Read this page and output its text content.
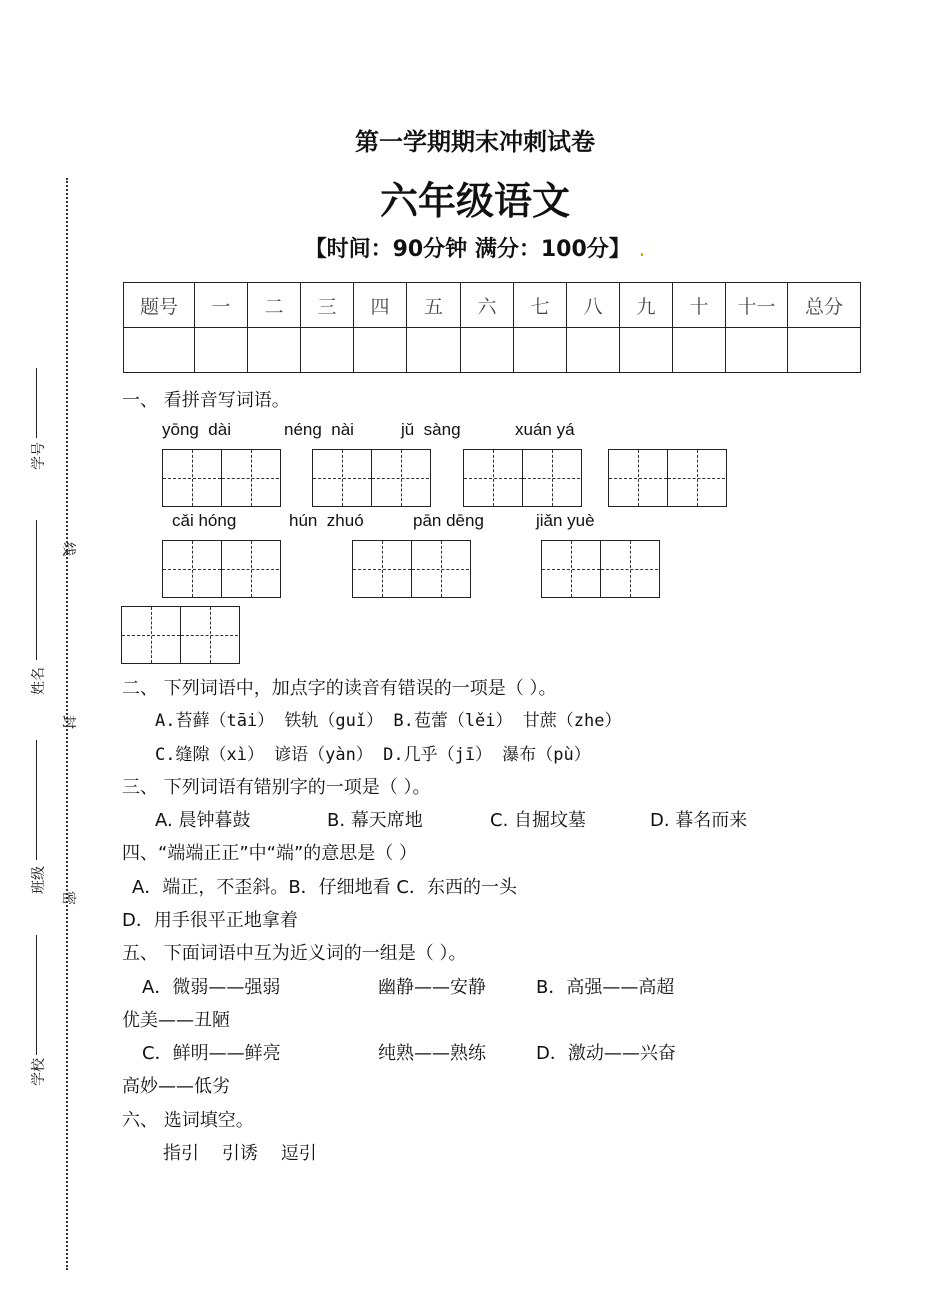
学号
姓名
班级
学校
线
封
密
第一学期期末冲刺试卷
六年级语文
【时间：90分钟 满分：100分】 .
题号	一	二	三	四	五	六	七	八	九	十	十一	总分

一、 看拼音写词语。
yōng  dài	néng  nài	jǔ  sàng	xuán yá
cǎi hóng	hún  zhuó	pān dēng	jiǎn yuè
二、 下列词语中，加点字的读音有错误的一项是（ ）。
A.苔藓（tāi） 铁轨（guǐ） B.苞蕾（lěi） 甘蔗（zhe）
C.缝隙（xì） 谚语（yàn） D.几乎（jī） 瀑布（pù）
三、 下列词语有错别字的一项是（ ）。
A. 晨钟暮鼓	B. 幕天席地	C. 自掘坟墓	D. 暮名而来
四、“端端正正”中“端”的意思是（ ）
A．端正，不歪斜。B．仔细地看 C．东西的一头
D．用手很平正地拿着
五、 下面词语中互为近义词的一组是（ ）。
A．微弱——强弱	幽静——安静	B．高强——高超
优美——丑陋
C．鲜明——鲜亮	纯熟——熟练	D．激动——兴奋
高妙——低劣
六、 选词填空。
指引    引诱    逗引
